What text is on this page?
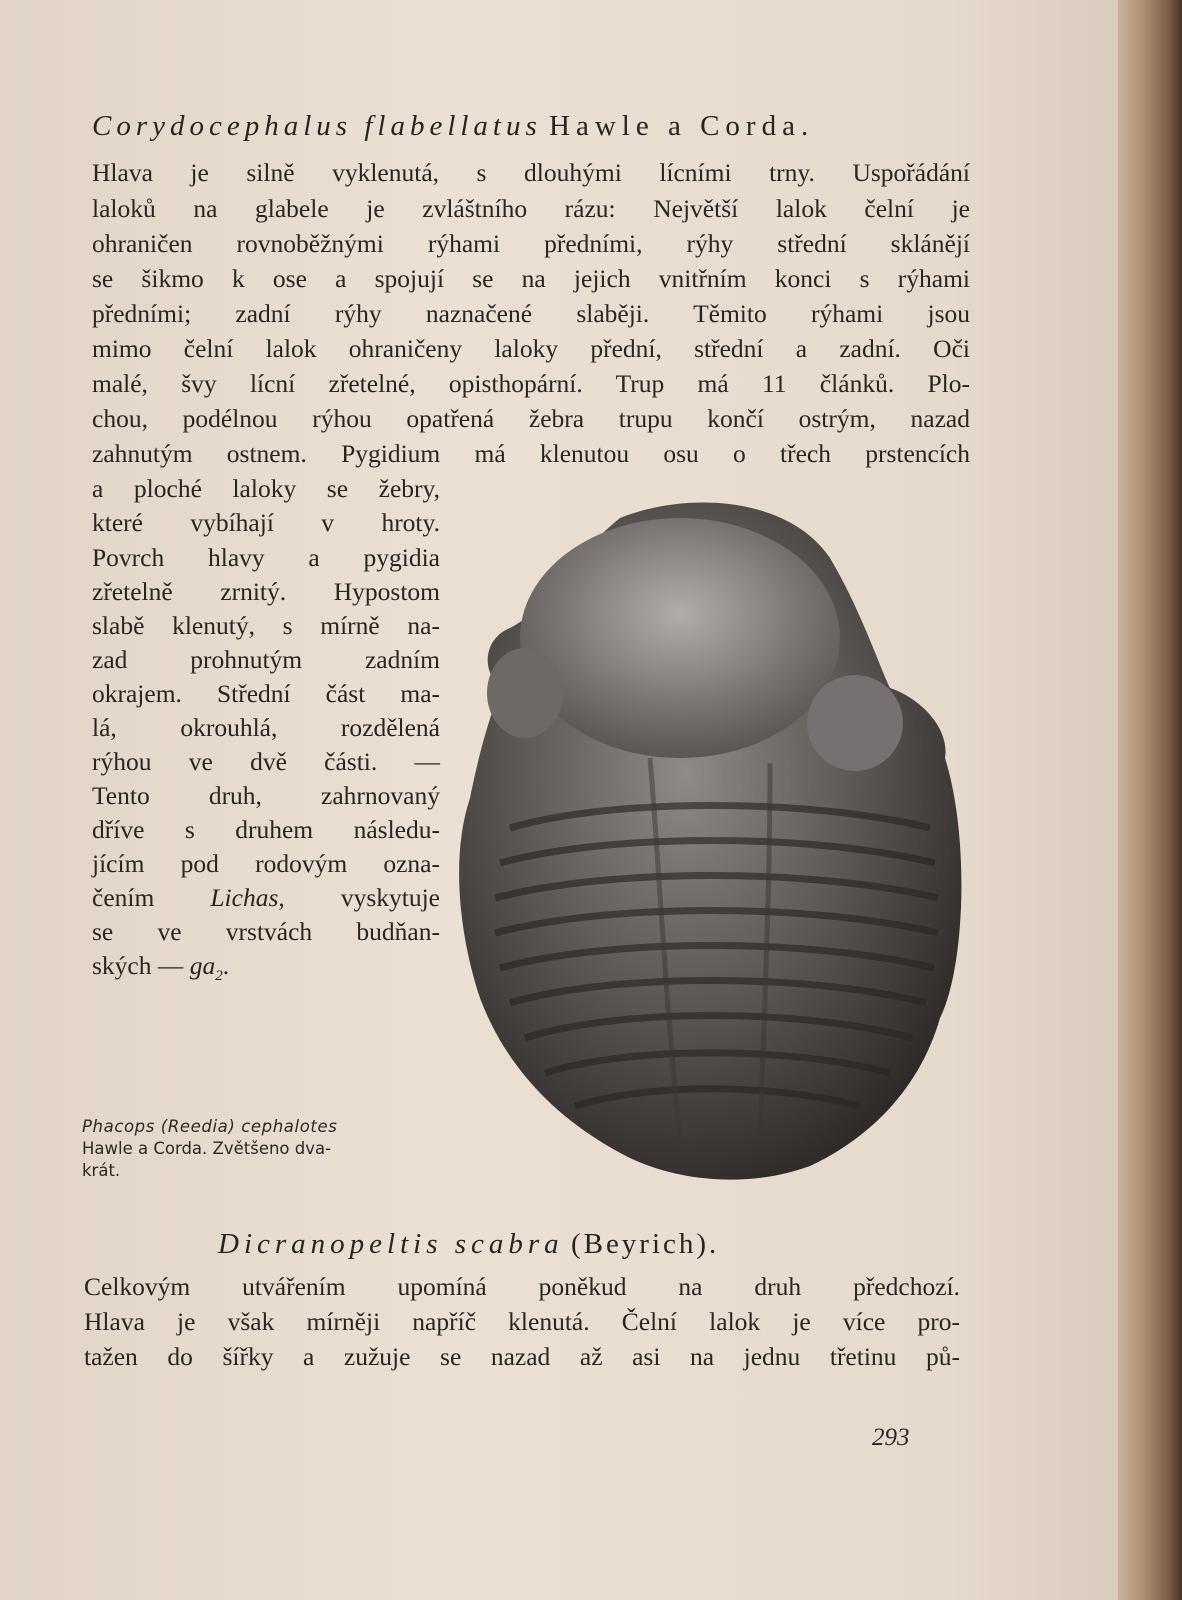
Corydocephalus flabellatus Hawle a Corda.
Hlava je silně vyklenutá, s dlouhými lícními trny. Uspořádání
laloků na glabele je zvláštního rázu: Největší lalok čelní je
ohraničen rovnoběžnými rýhami předními, rýhy střední sklánějí
se šikmo k ose a spojují se na jejich vnitřním konci s rýhami
předními; zadní rýhy naznačené slaběji. Těmito rýhami jsou
mimo čelní lalok ohraničeny laloky přední, střední a zadní. Oči
malé, švy lícní zřetelné, opisthopární. Trup má 11 článků. Plo-
chou, podélnou rýhou opatřená žebra trupu končí ostrým, nazad
zahnutým ostnem. Pygidium má klenutou osu o třech prstencích
a ploché laloky se žebry,
které vybíhají v hroty.
Povrch hlavy a pygidia
zřetelně zrnitý. Hypostom
slabě klenutý, s mírně na-
zad prohnutým zadním
okrajem. Střední část ma-
lá, okrouhlá, rozdělená
rýhou ve dvě části. —
Tento druh, zahrnovaný
dříve s druhem následu-
jícím pod rodovým ozna-
čením Lichas, vyskytuje
se ve vrstvách budňan-
ských — $ga_2$.
Phacops (Reedia) cephalotes
Hawle a Corda. Zvětšeno dva-
krát.
Dicranopeltis scabra (Beyrich).
Celkovým utvářením upomíná poněkud na druh předchozí.
Hlava je však mírněji napříč klenutá. Čelní lalok je více pro-
tažen do šířky a zužuje se nazad až asi na jednu třetinu pů-
293
